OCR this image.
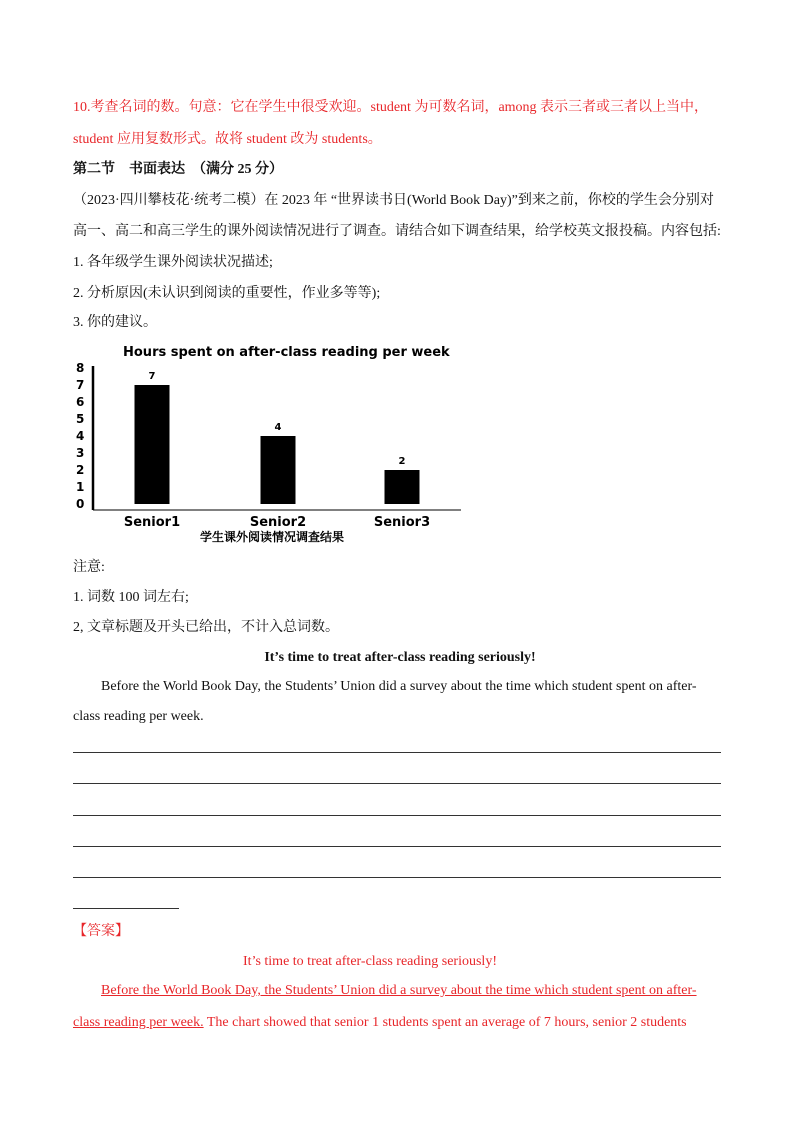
10.考查名词的数。句意：它在学生中很受欢迎。student 为可数名词，among 表示三者或三者以上当中，
student 应用复数形式。故将 student 改为 students。
第二节　书面表达　（满分 25 分）
（2023·四川攀枝花·统考二模）在 2023 年 “世界读书日(World Book Day)”到来之前，你校的学生会分别对
高一、高二和高三学生的课外阅读情况进行了调查。请结合如下调查结果，给学校英文报投稿。内容包括:
1. 各年级学生课外阅读状况描述;
2. 分析原因(未认识到阅读的重要性，作业多等等);
3. 你的建议。
Hours spent on after-class reading per week
0
1
2
3
4
5
6
7
8
7
4
2
Senior1	Senior2	Senior3
学生课外阅读情况调查结果
注意:
1. 词数 100 词左右;
2, 文章标题及开头已给出，不计入总词数。
It’s time to treat after-class reading seriously!
Before the World Book Day, the Students’ Union did a survey about the time which student spent on after-
class reading per week.
【答案】
It’s time to treat after-class reading seriously!
Before the World Book Day, the Students’ Union did a survey about the time which student spent on after-
class reading per week. The chart showed that senior 1 students spent an average of 7 hours, senior 2 students
